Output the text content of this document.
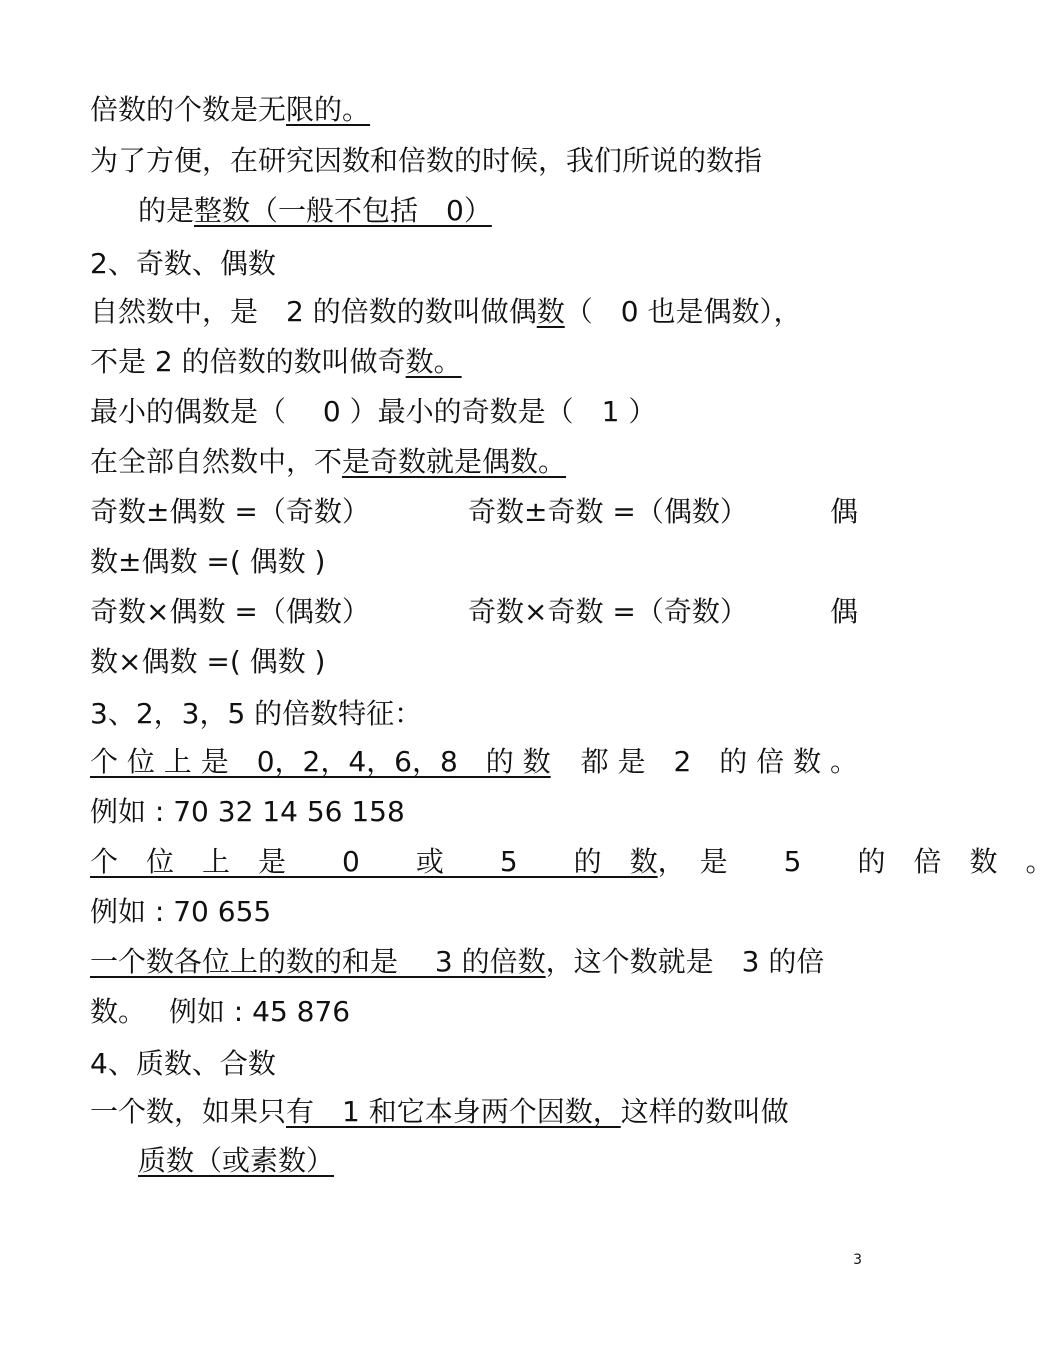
倍数的个数是无限的。
为了方便，在研究因数和倍数的时候，我们所说的数指
的是整数（一般不包括　0）
2、奇数、偶数
自然数中，是　2 的倍数的数叫做偶数（　0 也是偶数），
不是 2 的倍数的数叫做奇数。
最小的偶数是（　 0 ）最小的奇数是（　1 ）
在全部自然数中，不是奇数就是偶数。
奇数±偶数 =（奇数）	奇数±奇数 =（偶数）	偶
数±偶数 =( 偶数 )
奇数×偶数 =（偶数）	奇数×奇数 =（奇数）	偶
数×偶数 =( 偶数 )
3、2，3，5 的倍数特征：
个 位 上 是　0，2，4，6，8　的 数 都 是　2　的 倍 数 。
例如 : 70 32 14 56 158
个　位　上　是　　0　　或　　5　　的　数 ，　是　　5　　的　倍　数　。
例如 : 70 655
一个数各位上的数的和是　 3 的倍数，这个数就是　3 的倍
数。　 例如 : 45 876
4、质数、合数
一个数，如果只有　1 和它本身两个因数，这样的数叫做
质数（或素数）
3
